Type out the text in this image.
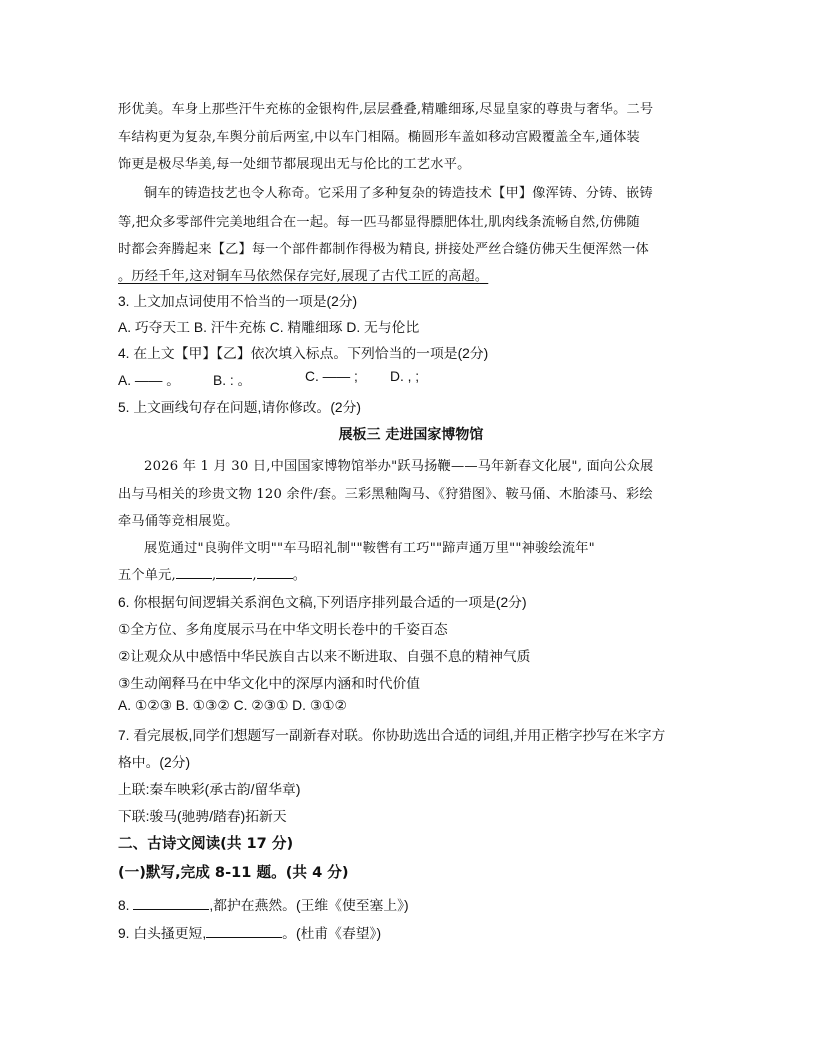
形优美。车身上那些汗牛充栋的金银构件,层层叠叠,精雕细琢,尽显皇家的尊贵与奢华。二号
车结构更为复杂,车舆分前后两室,中以车门相隔。椭圆形车盖如移动宫殿覆盖全车,通体装
饰更是极尽华美,每一处细节都展现出无与伦比的工艺水平。
铜车的铸造技艺也令人称奇。它采用了多种复杂的铸造技术【甲】像浑铸、分铸、嵌铸
等,把众多零部件完美地组合在一起。每一匹马都显得膘肥体壮,肌肉线条流畅自然,仿佛随
时都会奔腾起来【乙】每一个部件都制作得极为精良, 拼接处严丝合缝仿佛天生便浑然一体
。历经千年,这对铜车马依然保存完好,展现了古代工匠的高超。
3. 上文加点词使用不恰当的一项是(2分)
A. 巧夺天工 B. 汗牛充栋 C. 精雕细琢 D. 无与伦比
4. 在上文【甲】【乙】依次填入标点。下列恰当的一项是(2分)
A. —— 。 B. : 。	C. —— ; D. , ;
5. 上文画线句存在问题,请你修改。(2分)
展板三 走进国家博物馆
2026 年 1 月 30 日,中国国家博物馆举办"跃马扬鞭——马年新春文化展", 面向公众展
出与马相关的珍贵文物 120 余件/套。三彩黑釉陶马、《狩猎图》、鞍马俑、木胎漆马、彩绘
牵马俑等竞相展览。
展览通过"良驹伴文明""车马昭礼制""鞍辔有工巧""蹄声通万里""神骏绘流年"
五个单元,	,	,	。
6. 你根据句间逻辑关系润色文稿,下列语序排列最合适的一项是(2分)
①全方位、多角度展示马在中华文明长卷中的千姿百态
②让观众从中感悟中华民族自古以来不断进取、自强不息的精神气质
③生动阐释马在中华文化中的深厚内涵和时代价值
A. ①②③ B. ①③② C. ②③① D. ③①②
7. 看完展板,同学们想题写一副新春对联。你协助选出合适的词组,并用正楷字抄写在米字方
格中。(2分)
上联:秦车映彩(承古韵/留华章)
下联:骏马(驰骋/踏春)拓新天
二、古诗文阅读(共 17 分)
(一)默写,完成 8-11 题。(共 4 分)
8.	,都护在燕然。(王维《使至塞上》)
9. 白头搔更短,	。(杜甫《春望》)
